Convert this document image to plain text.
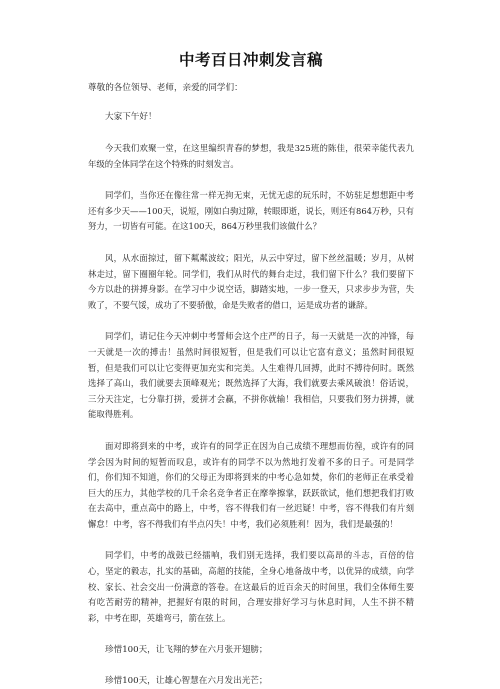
中考百日冲刺发言稿
尊敬的各位领导、老师，亲爱的同学们：
大家下午好！

今天我们欢聚一堂，在这里编织青春的梦想，我是325班的陈佳，很荣幸能代表九年级的全体同学在这个特殊的时刻发言。

同学们，当你还在像往常一样无拘无束，无忧无虑的玩乐时，不妨驻足想想距中考还有多少天——100天，说短，刚如白驹过隙，转眼即逝，说长，则还有864万秒，只有努力，一切皆有可能。在这100天，864万秒里我们该做什么？

风，从水面掠过，留下粼粼波纹；阳光，从云中穿过，留下丝丝温暖；岁月，从树林走过，留下圈圈年轮。同学们，我们从时代的舞台走过，我们留下什么？我们要留下今方以赴的拼搏身影。在学习中少说空话，脚踏实地，一步一登天，只求步步为营，失败了，不要气馁，成功了不要骄傲，命是失败者的借口，运是成功者的谦辞。

同学们，请记住今天冲刺中考誓师会这个庄严的日子，每一天就是一次的冲锋，每一天就是一次的搏击！虽然时间很短暂，但是我们可以让它富有意义；虽然时间很短暂，但是我们可以让它变得更加充实和完美。人生难得几回搏，此时不搏待何时。既然选择了高山，我们就要去顶峰观光；既然选择了大海，我们就要去乘风破浪！俗话说，三分天注定，七分靠打拼，爱拼才会赢，不拼你就输！我相信，只要我们努力拼搏，就能取得胜利。

面对即将到来的中考，或许有的同学正在因为自己成绩不理想而仿徨，或许有的同学会因为时间的短暂而叹息，或许有的同学不以为然地打发着不多的日子。可是同学们，你们知不知道，你们的父母正为即将到来的中考心急如焚，你们的老师正在承受着巨大的压力，其他学校的几千余名竞争者正在摩拳擦掌，跃跃欲试，他们想把我们打败在去高中，重点高中的路上，中考，容不得我们有一丝迟疑！中考，容不得我们有片刻懈怠！中考，容不得我们有半点闪失！中考，我们必须胜利！因为，我们是最强的！

同学们，中考的战鼓已经擂响，我们别无选择，我们要以高昂的斗志，百倍的信心，坚定的毅志，扎实的基础，高超的技能，全身心地备战中考，以优异的成绩，向学校、家长、社会交出一份满意的答卷。在这最后的近百余天的时间里，我们全体师生要有吃苦耐劳的精神，把握好有限的时间，合理安排好学习与休息时间，人生不拼不精彩，中考在即，英雄弯弓，箭在弦上。

珍惜100天，让飞翔的梦在六月张开翅膀；

珍惜100天，让雄心智慧在六月发出光芒；
